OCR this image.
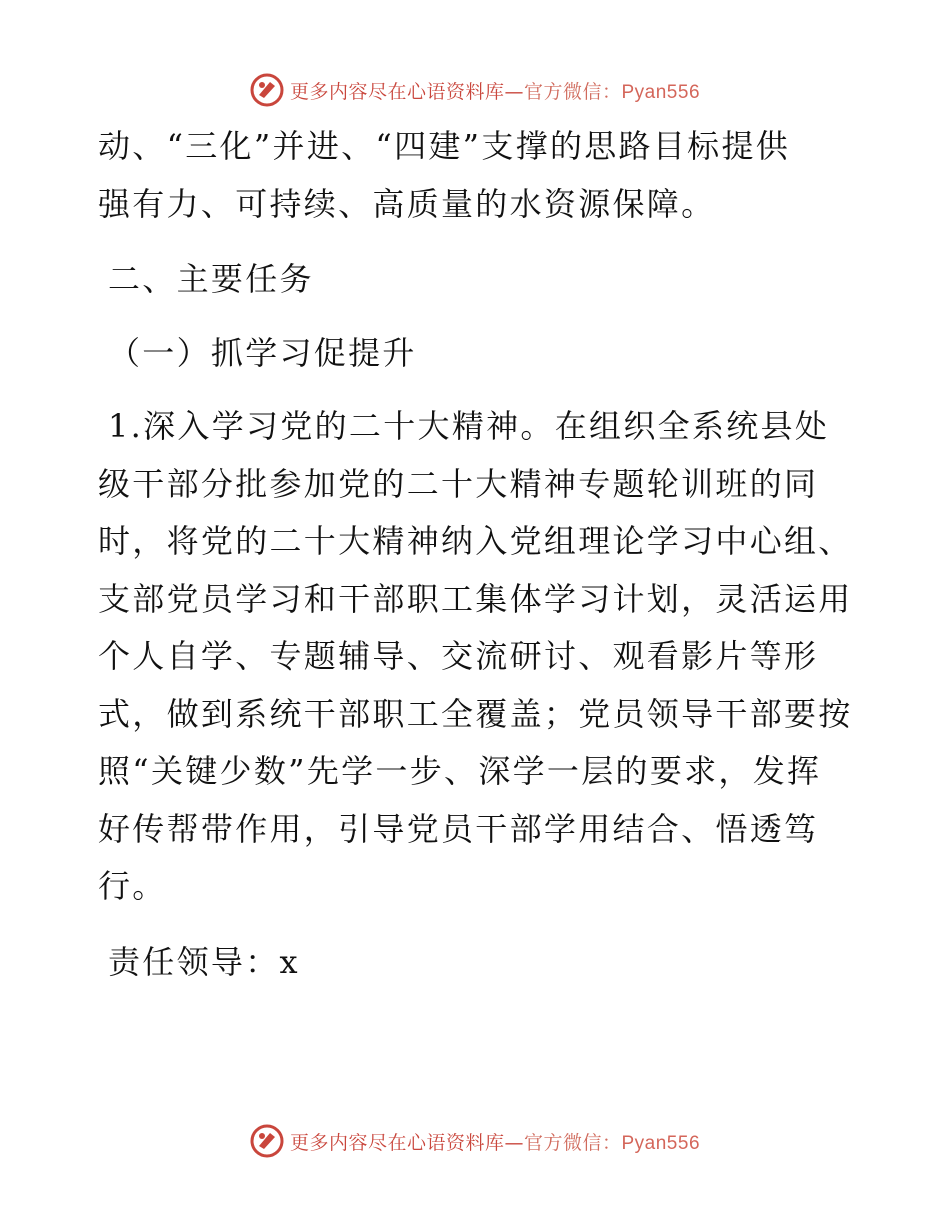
更多内容尽在心语资料库—官方微信：Pyan556
动、“三化”并进、“四建”支撑的思路目标提供
强有力、可持续、高质量的水资源保障。
二、主要任务
（一）抓学习促提升
1.深入学习党的二十大精神。在组织全系统县处
级干部分批参加党的二十大精神专题轮训班的同
时，将党的二十大精神纳入党组理论学习中心组、
支部党员学习和干部职工集体学习计划，灵活运用
个人自学、专题辅导、交流研讨、观看影片等形
式，做到系统干部职工全覆盖；党员领导干部要按
照“关键少数”先学一步、深学一层的要求，发挥
好传帮带作用，引导党员干部学用结合、悟透笃
行。
责任领导：x
更多内容尽在心语资料库—官方微信：Pyan556
